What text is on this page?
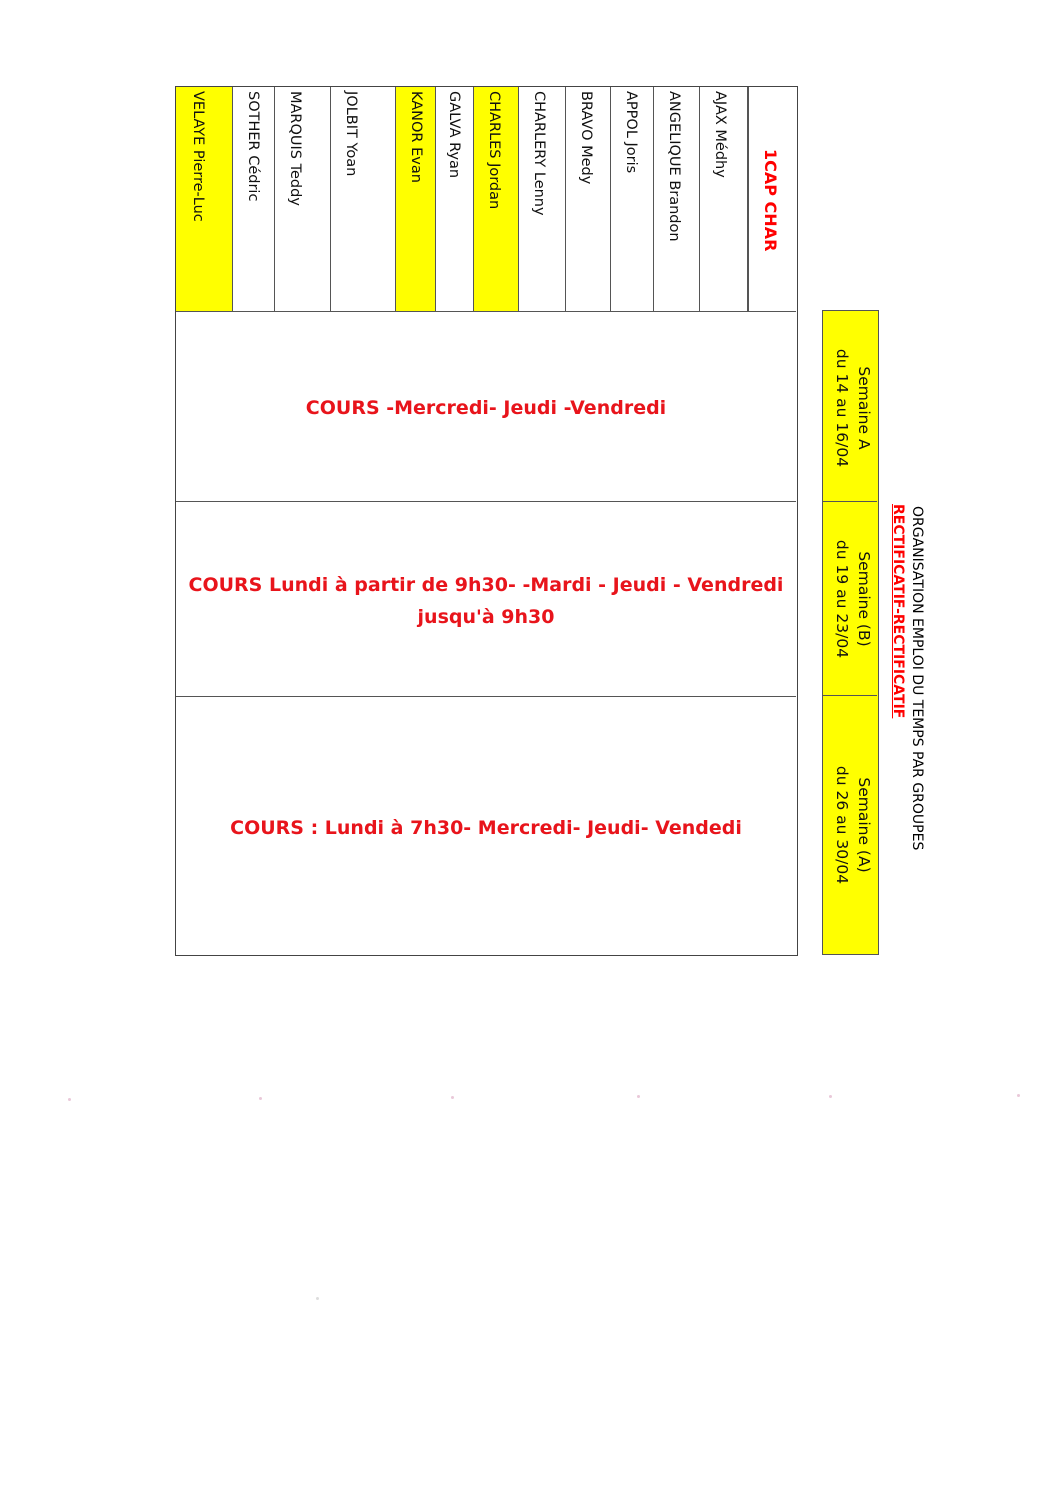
ORGANISATION EMPLOI DU TEMPS PAR GROUPES
RECTIFICATIF-RECTIFICATIF
Semaine A
du 14 au 16/04
Semaine (B)
du 19 au 23/04
Semaine (A)
du 26 au 30/04
1CAP CHAR
AJAX Médhy
ANGELIQUE Brandon
APPOL Joris
BRAVO Medy
CHARLERY Lenny
CHARLES Jordan
GALVA Ryan
KANOR Evan
JOLBIT Yoan
MARQUIS Teddy
SOTHER Cédric
VELAYE Pierre-Luc
COURS -Mercredi- Jeudi -Vendredi
COURS Lundi à partir de 9h30- -Mardi - Jeudi - Vendredi
jusqu'à 9h30
COURS : Lundi à 7h30- Mercredi- Jeudi- Vendedi
